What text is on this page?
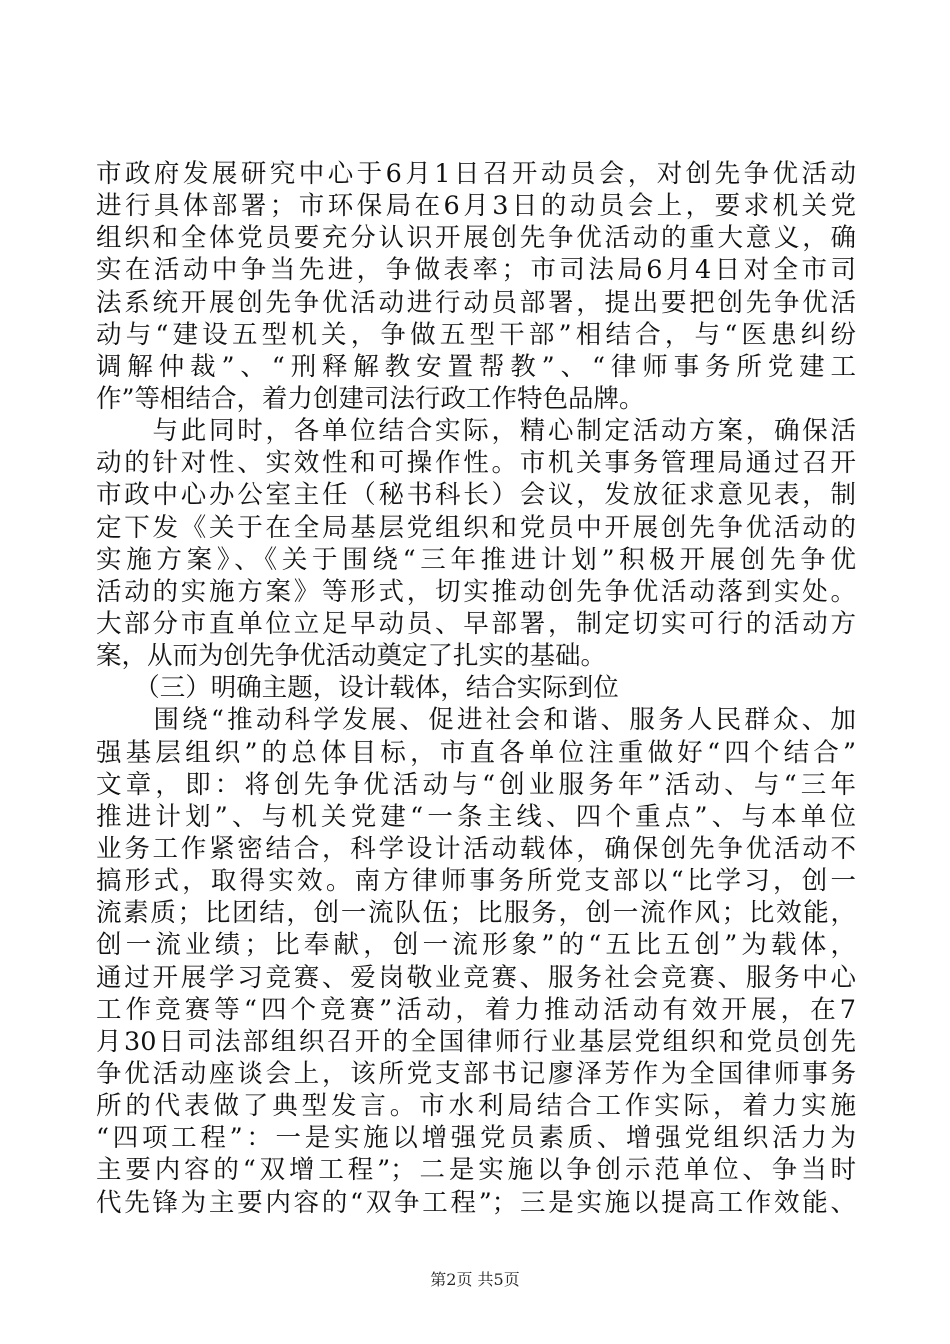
市政府发展研究中心于6月1日召开动员会，对创先争优活动
进行具体部署；市环保局在6月3日的动员会上，要求机关党
组织和全体党员要充分认识开展创先争优活动的重大意义，确
实在活动中争当先进，争做表率；市司法局6月4日对全市司
法系统开展创先争优活动进行动员部署，提出要把创先争优活
动与“建设五型机关，争做五型干部”相结合，与“医患纠纷
调解仲裁”、“刑释解教安置帮教”、“律师事务所党建工
作”等相结合，着力创建司法行政工作特色品牌。
　　与此同时，各单位结合实际，精心制定活动方案，确保活
动的针对性、实效性和可操作性。市机关事务管理局通过召开
市政中心办公室主任（秘书科长）会议，发放征求意见表，制
定下发《关于在全局基层党组织和党员中开展创先争优活动的
实施方案》、《关于围绕“三年推进计划”积极开展创先争优
活动的实施方案》等形式，切实推动创先争优活动落到实处。
大部分市直单位立足早动员、早部署，制定切实可行的活动方
案，从而为创先争优活动奠定了扎实的基础。
　　（三）明确主题，设计载体，结合实际到位
　　围绕“推动科学发展、促进社会和谐、服务人民群众、加
强基层组织”的总体目标，市直各单位注重做好“四个结合”
文章，即：将创先争优活动与“创业服务年”活动、与“三年
推进计划”、与机关党建“一条主线、四个重点”、与本单位
业务工作紧密结合，科学设计活动载体，确保创先争优活动不
搞形式，取得实效。南方律师事务所党支部以“比学习，创一
流素质；比团结，创一流队伍；比服务，创一流作风；比效能，
创一流业绩；比奉献，创一流形象”的“五比五创”为载体，
通过开展学习竞赛、爱岗敬业竞赛、服务社会竞赛、服务中心
工作竞赛等“四个竞赛”活动，着力推动活动有效开展，在7
月30日司法部组织召开的全国律师行业基层党组织和党员创先
争优活动座谈会上，该所党支部书记廖泽芳作为全国律师事务
所的代表做了典型发言。市水利局结合工作实际，着力实施
“四项工程”：一是实施以增强党员素质、增强党组织活力为
主要内容的“双增工程”；二是实施以争创示范单位、争当时
代先锋为主要内容的“双争工程”；三是实施以提高工作效能、
第2页 共5页
